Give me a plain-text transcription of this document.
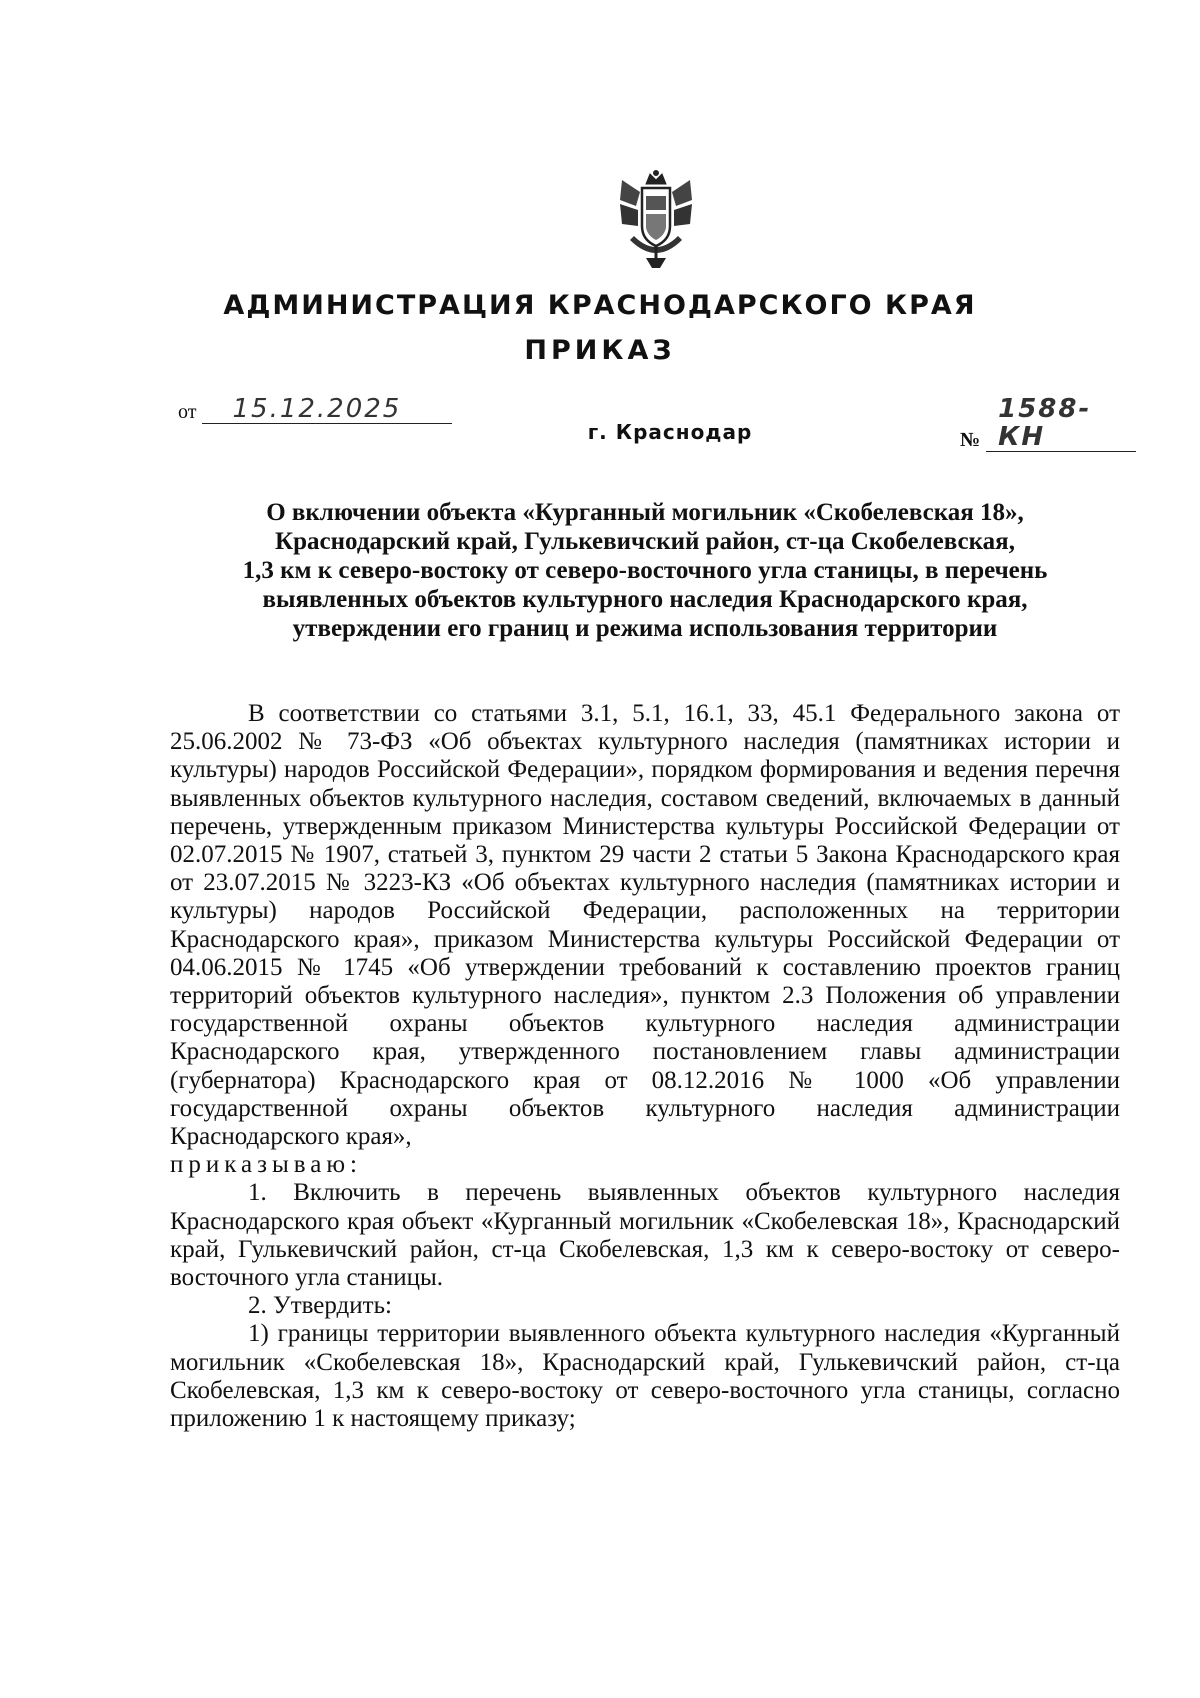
АДМИНИСТРАЦИЯ КРАСНОДАРСКОГО КРАЯ
ПРИКАЗ
от 15.12.2025
г. Краснодар	№1588-КН
О включении объекта «Курганный могильник «Скобелевская 18»,
Краснодарский край, Гулькевичский район, ст-ца Скобелевская,
1,3 км к северо-востоку от северо-восточного угла станицы, в перечень
выявленных объектов культурного наследия Краснодарского края,
утверждении его границ и режима использования территории

В соответствии со статьями 3.1, 5.1, 16.1, 33, 45.1 Федерального закона от 25.06.2002 № 73-ФЗ «Об объектах культурного наследия (памятниках истории и культуры) народов Российской Федерации», порядком формирования и ведения перечня выявленных объектов культурного наследия, составом сведений, включаемых в данный перечень, утвержденным приказом Министерства культуры Российской Федерации от 02.07.2015 № 1907, статьей 3, пунктом 29 части 2 статьи 5 Закона Краснодарского края от 23.07.2015 № 3223-КЗ «Об объектах культурного наследия (памятниках истории и культуры) народов Российской Федерации, расположенных на территории Краснодарского края», приказом Министерства культуры Российской Федерации от 04.06.2015 № 1745 «Об утверждении требований к составлению проектов границ территорий объектов культурного наследия», пунктом 2.3 Положения об управлении государственной охраны объектов культурного наследия администрации Краснодарского края, утвержденного постановлением главы администрации (губернатора) Краснодарского края от 08.12.2016 № 1000 «Об управлении государственной охраны объектов культурного наследия администрации Краснодарского края»,

приказываю:

1. Включить в перечень выявленных объектов культурного наследия Краснодарского края объект «Курганный могильник «Скобелевская 18», Краснодарский край, Гулькевичский район, ст-ца Скобелевская, 1,3 км к северо-востоку от северо-восточного угла станицы.

2. Утвердить:

1) границы территории выявленного объекта культурного наследия «Курганный могильник «Скобелевская 18», Краснодарский край, Гулькевичский район, ст-ца Скобелевская, 1,3 км к северо-востоку от северо-восточного угла станицы, согласно приложению 1 к настоящему приказу;
